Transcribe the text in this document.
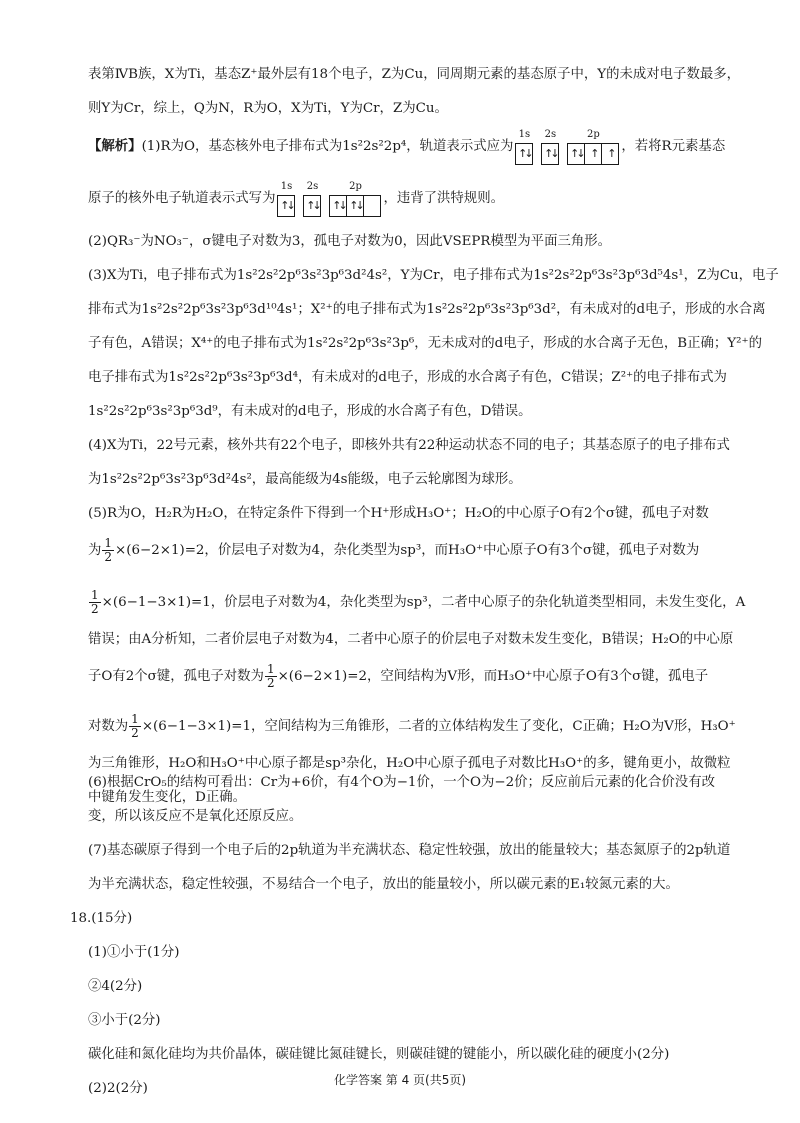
表第ⅣB族，X为Ti，基态Z⁺最外层有18个电子，Z为Cu，同周期元素的基态原子中，Y的未成对电子数最多，
则Y为Cr，综上，Q为N，R为O，X为Ti，Y为Cr，Z为Cu。

【解析】(1)R为O，基态核外电子排布式为1s²2s²2p⁴，轨道表示式应为
1s
↑↓
2s
↑↓
2p
↑↓ ↑ ↑ ，若将R元素基态
原子的核外电子轨道表示式写为
1s
↑↓
2s
↑↓
2p
↑↓ ↑↓ ，违背了洪特规则。

(2)QR₃⁻为NO₃⁻，σ键电子对数为3，孤电子对数为0，因此VSEPR模型为平面三角形。

(3)X为Ti，电子排布式为1s²2s²2p⁶3s²3p⁶3d²4s²，Y为Cr，电子排布式为1s²2s²2p⁶3s²3p⁶3d⁵4s¹，Z为Cu，电子
排布式为1s²2s²2p⁶3s²3p⁶3d¹⁰4s¹；X²⁺的电子排布式为1s²2s²2p⁶3s²3p⁶3d²，有未成对的d电子，形成的水合离
子有色，A错误；X⁴⁺的电子排布式为1s²2s²2p⁶3s²3p⁶，无未成对的d电子，形成的水合离子无色，B正确；Y²⁺的
电子排布式为1s²2s²2p⁶3s²3p⁶3d⁴，有未成对的d电子，形成的水合离子有色，C错误；Z²⁺的电子排布式为
1s²2s²2p⁶3s²3p⁶3d⁹，有未成对的d电子，形成的水合离子有色，D错误。

(4)X为Ti，22号元素，核外共有22个电子，即核外共有22种运动状态不同的电子；其基态原子的电子排布式
为1s²2s²2p⁶3s²3p⁶3d²4s²，最高能级为4s能级，电子云轮廓图为球形。

(5)R为O，H₂R为H₂O，在特定条件下得到一个H⁺形成H₃O⁺；H₂O的中心原子O有2个σ键，孤电子对数
为 $\frac{1}{2} \times(6-2\times 1)=2$，价层电子对数为4，杂化类型为sp³，而H₃O⁺中心原子O有3个σ键，孤电子对数为
$\frac{1}{2} \times(6-1-3\times 1)=1$，价层电子对数为4，杂化类型为sp³，二者中心原子的杂化轨道类型相同，未发生变化，A
错误；由A分析知，二者价层电子对数为4，二者中心原子的价层电子对数未发生变化，B错误；H₂O的中心原
子O有2个σ键，孤电子对数为 $\frac{1}{2} \times(6-2\times 1)=2$，空间结构为V形，而H₃O⁺中心原子O有3个σ键，孤电子
对数为 $\frac{1}{2} \times(6-1-3\times 1)=1$，空间结构为三角锥形，二者的立体结构发生了变化，C正确；H₂O为V形，H₃O⁺
为三角锥形，H₂O和H₃O⁺中心原子都是sp³杂化，H₂O中心原子孤电子对数比H₃O⁺的多，键角更小，故微粒
中键角发生变化，D正确。

(6)根据CrO₅的结构可看出：Cr为+6价，有4个O为−1价，一个O为−2价；反应前后元素的化合价没有改
变，所以该反应不是氧化还原反应。

(7)基态碳原子得到一个电子后的2p轨道为半充满状态、稳定性较强，放出的能量较大；基态氮原子的2p轨道
为半充满状态，稳定性较强，不易结合一个电子，放出的能量较小，所以碳元素的E₁较氮元素的大。

18.(15分)

(1)①小于(1分)
②4(2分)
③小于(2分)
碳化硅和氮化硅均为共价晶体，碳硅键比氮硅键长，则碳硅键的键能小，所以碳化硅的硬度小(2分)
(2)2(2分)

化学答案 第 4 页(共5页)
